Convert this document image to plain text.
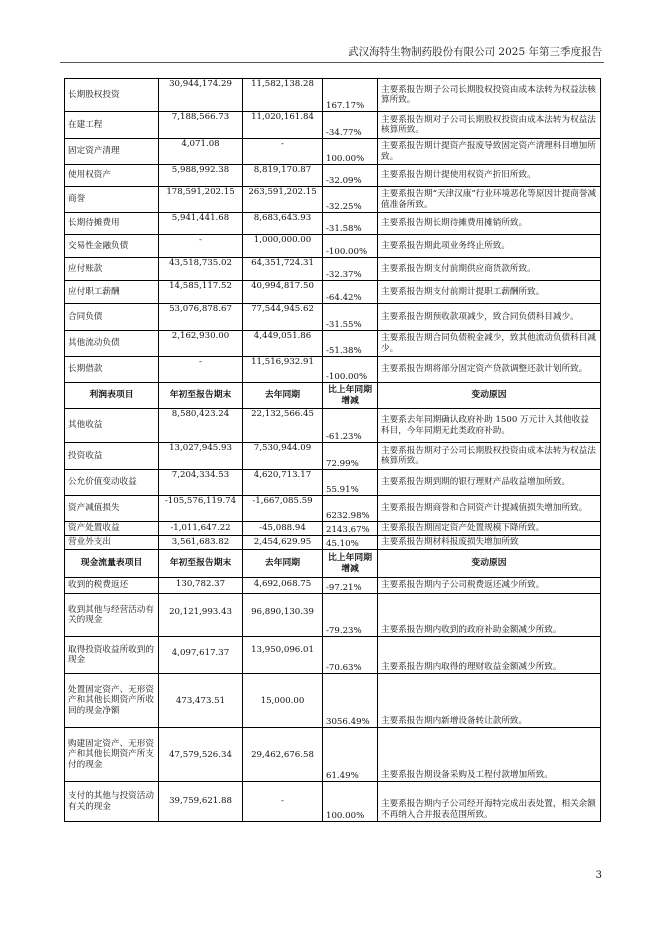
武汉海特生物制药股份有限公司 2025 年第三季度报告
长期股权投资	30,944,174.29	11,582,138.28	167.17%	主要系报告期子公司长期股权投资由成本法转为权益法核算所致。
在建工程	7,188,566.73	11,020,161.84	-34.77%	主要系报告期对子公司长期股权投资由成本法转为权益法核算所致。
固定资产清理	4,071.08	-	100.00%	主要系报告期计提资产报废导致固定资产清理科目增加所致。
使用权资产	5,988,992.38	8,819,170.87	-32.09%	主要系报告期计提使用权资产折旧所致。
商誉	178,591,202.15	263,591,202.15	-32.25%	主要系报告期“天津汉康”行业环境恶化等原因计提商誉减值准备所致。
长期待摊费用	5,941,441.68	8,683,643.93	-31.58%	主要系报告期长期待摊费用摊销所致。
交易性金融负债	-	1,000,000.00	-100.00%	主要系报告期此项业务终止所致。
应付账款	43,518,735.02	64,351,724.31	-32.37%	主要系报告期支付前期供应商货款所致。
应付职工薪酬	14,585,117.52	40,994,817.50	-64.42%	主要系报告期支付前期计提职工薪酬所致。
合同负债	53,076,878.67	77,544,945.62	-31.55%	主要系报告期预收款项减少，致合同负债科目减少。
其他流动负债	2,162,930.00	4,449,051.86	-51.38%	主要系报告期合同负债税金减少，致其他流动负债科目减少。
长期借款	-	11,516,932.91	-100.00%	主要系报告期将部分固定资产贷款调整还款计划所致。
利润表项目	年初至报告期末	去年同期	比上年同期增减	变动原因
其他收益	8,580,423.24	22,132,566.45	-61.23%	主要系去年同期确认政府补助 1500 万元计入其他收益科目，今年同期无此类政府补助。
投资收益	13,027,945.93	7,530,944.09	72.99%	主要系报告期对子公司长期股权投资由成本法转为权益法核算所致。
公允价值变动收益	7,204,334.53	4,620,713.17	55.91%	主要系报告期到期的银行理财产品收益增加所致。
资产减值损失	-105,576,119.74	-1,667,085.59	6232.98%	主要系报告期商誉和合同资产计提减值损失增加所致。
资产处置收益	-1,011,647.22	-45,088.94	2143.67%	主要系报告期固定资产处置规模下降所致。
营业外支出	3,561,683.82	2,454,629.95	45.10%	主要系报告期材料报废损失增加所致
现金流量表项目	年初至报告期末	去年同期	比上年同期增减	变动原因
收到的税费返还	130,782.37	4,692,068.75	-97.21%	主要系报告期内子公司税费返还减少所致。
收到其他与经营活动有关的现金	20,121,993.43	96,890,130.39	-79.23%	主要系报告期内收到的政府补助金额减少所致。
取得投资收益所收到的现金	4,097,617.37	13,950,096.01	-70.63%	主要系报告期内取得的理财收益金额减少所致。
处置固定资产、无形资产和其他长期资产所收回的现金净额	473,473.51	15,000.00	3056.49%	主要系报告期内新增设备转让款所致。
购建固定资产、无形资产和其他长期资产所支付的现金	47,579,526.34	29,462,676.58	61.49%	主要系报告期设备采购及工程付款增加所致。
支付的其他与投资活动有关的现金	39,759,621.88	-	100.00%	主要系报告期内子公司经开海特完成出表处置，相关余额不再纳入合并报表范围所致。
3
